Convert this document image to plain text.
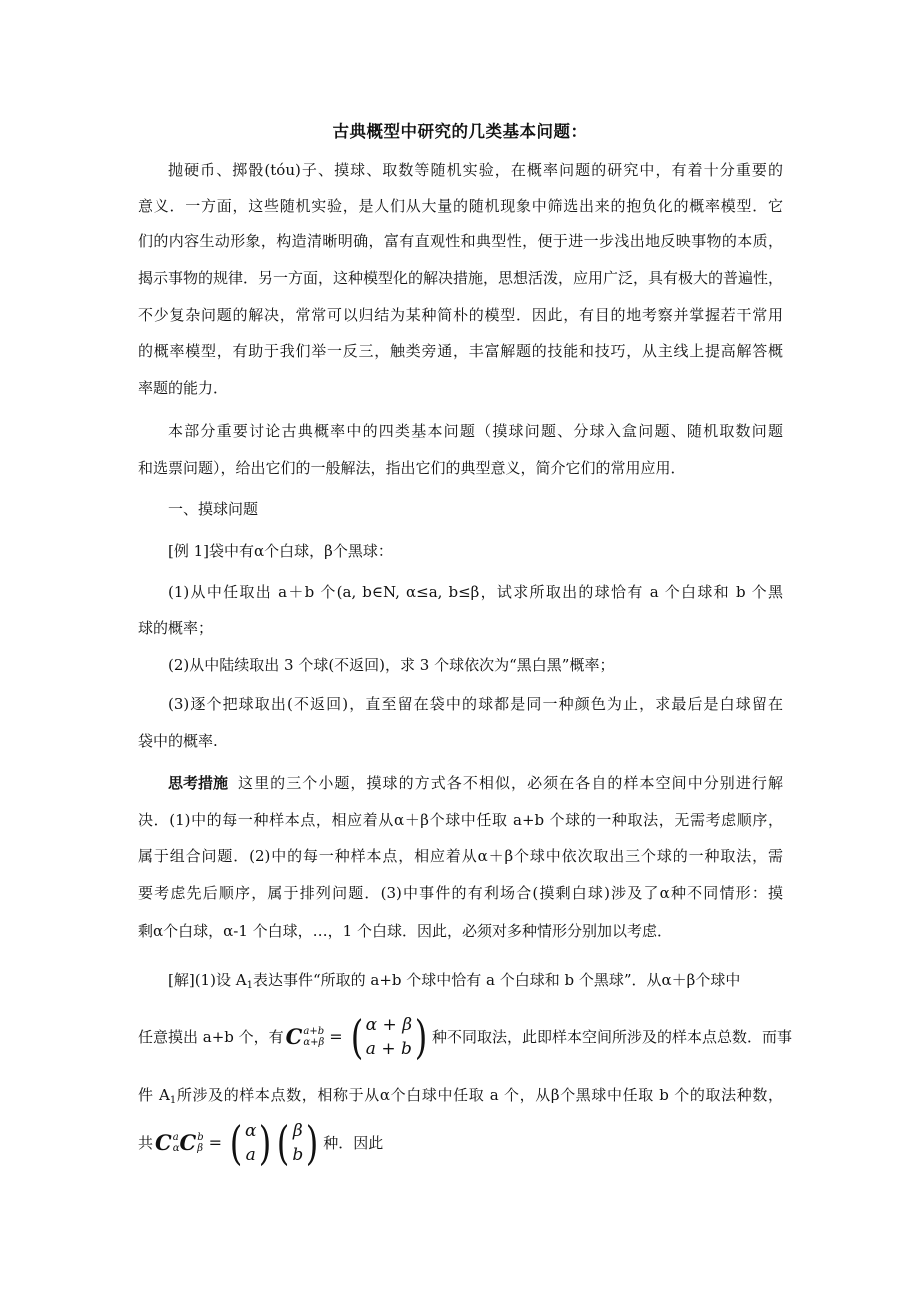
古典概型中研究的几类基本问题：
抛硬币、掷骰(tóu)子、摸球、取数等随机实验，在概率问题的研究中，有着十分重要的
意义．一方面，这些随机实验，是人们从大量的随机现象中筛选出来的抱负化的概率模型．它
们的内容生动形象，构造清晰明确，富有直观性和典型性，便于进一步浅出地反映事物的本质，
揭示事物的规律．另一方面，这种模型化的解决措施，思想活泼，应用广泛，具有极大的普遍性，
不少复杂问题的解决，常常可以归结为某种简朴的模型．因此，有目的地考察并掌握若干常用
的概率模型，有助于我们举一反三，触类旁通，丰富解题的技能和技巧，从主线上提高解答概
率题的能力．
本部分重要讨论古典概率中的四类基本问题（摸球问题、分球入盒问题、随机取数问题
和选票问题），给出它们的一般解法，指出它们的典型意义，简介它们的常用应用．
一、摸球问题
[例 1]袋中有α个白球，β个黑球：
(1)从中任取出 a＋b 个(a, b∈N, α≤a, b≤β，试求所取出的球恰有 a 个白球和 b 个黑
球的概率；
(2)从中陆续取出 3 个球(不返回)，求 3 个球依次为“黑白黑”概率；
(3)逐个把球取出(不返回)，直至留在袋中的球都是同一种颜色为止，求最后是白球留在
袋中的概率.
思考措施 这里的三个小题，摸球的方式各不相似，必须在各自的样本空间中分别进行解
决．(1)中的每一种样本点，相应着从α＋β个球中任取 a+b 个球的一种取法，无需考虑顺序，
属于组合问题．(2)中的每一种样本点，相应着从α＋β个球中依次取出三个球的一种取法，需
要考虑先后顺序，属于排列问题．(3)中事件的有利场合(摸剩白球)涉及了α种不同情形：摸
剩α个白球，α-1 个白球，…，1 个白球．因此，必须对多种情形分别加以考虑．
[解](1)设 $A_1$表达事件“所取的 a+b 个球中恰有 a 个白球和 b 个黑球”．从α＋β个球中
任意摸出 a+b 个，有 C a+b
α+β = ( α + β
a + b ) 种不同取法，此即样本空间所涉及的样本点总数．而事
件 $A_1$所涉及的样本点数，相称于从α个白球中任取 a 个，从β个黑球中任取 b 个的取法种数，
共 C a
α C b
β = ( α
a ) ( β
b ) 种．因此
